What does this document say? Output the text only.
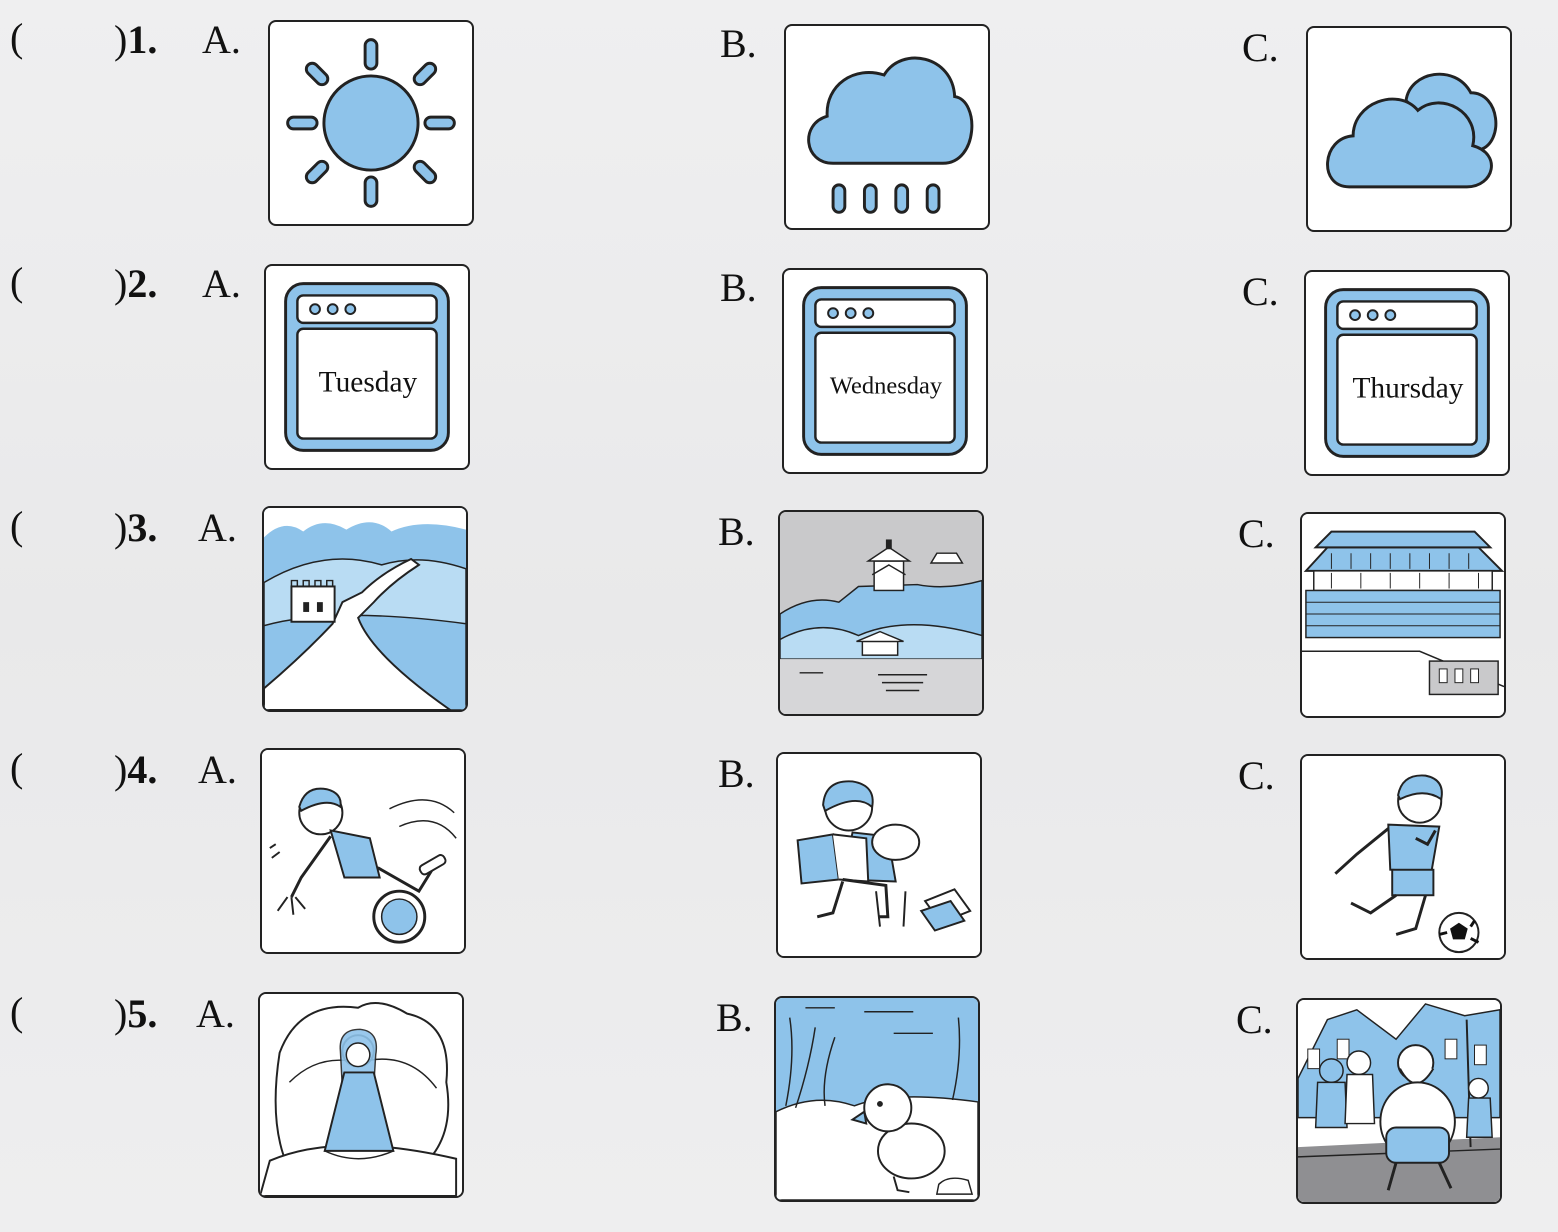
( )1. A.	B.	C.
( )2. A.	B.	C.
Tuesday	Wednesday	Thursday
( )3. A.	B.	C.
( )4. A.	B.	C.
( )5. A.	B.	C.
